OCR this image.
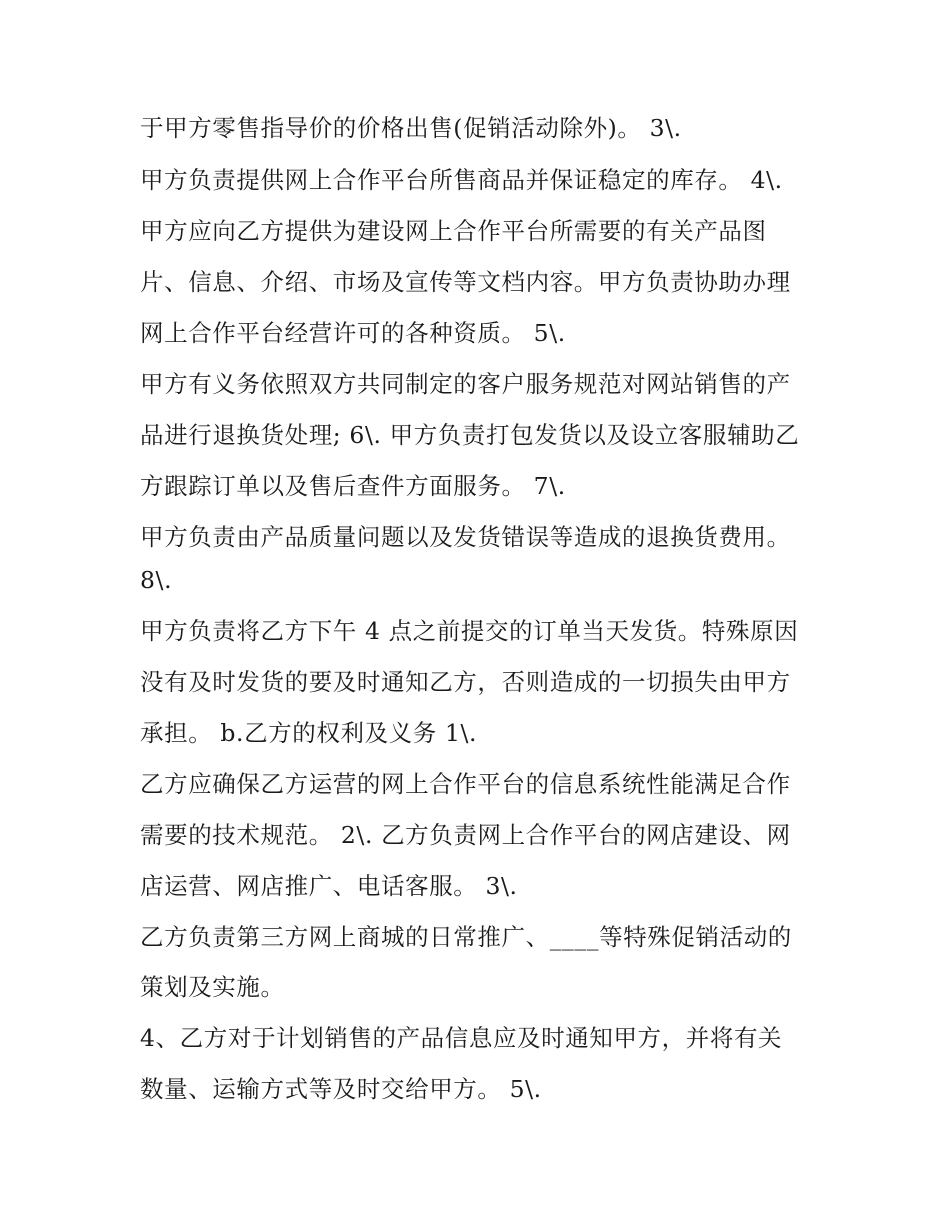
于甲方零售指导价的价格出售(促销活动除外)。 3\.
甲方负责提供网上合作平台所售商品并保证稳定的库存。 4\.
甲方应向乙方提供为建设网上合作平台所需要的有关产品图
片、信息、介绍、市场及宣传等文档内容。甲方负责协助办理
网上合作平台经营许可的各种资质。 5\.
甲方有义务依照双方共同制定的客户服务规范对网站销售的产
品进行退换货处理; 6\. 甲方负责打包发货以及设立客服辅助乙
方跟踪订单以及售后查件方面服务。 7\.
甲方负责由产品质量问题以及发货错误等造成的退换货费用。
8\.
甲方负责将乙方下午 4 点之前提交的订单当天发货。特殊原因
没有及时发货的要及时通知乙方，否则造成的一切损失由甲方
承担。 b.乙方的权利及义务 1\.
乙方应确保乙方运营的网上合作平台的信息系统性能满足合作
需要的技术规范。 2\. 乙方负责网上合作平台的网店建设、网
店运营、网店推广、电话客服。 3\.
乙方负责第三方网上商城的日常推广、____等特殊促销活动的
策划及实施。
4、乙方对于计划销售的产品信息应及时通知甲方，并将有关
数量、运输方式等及时交给甲方。 5\.
